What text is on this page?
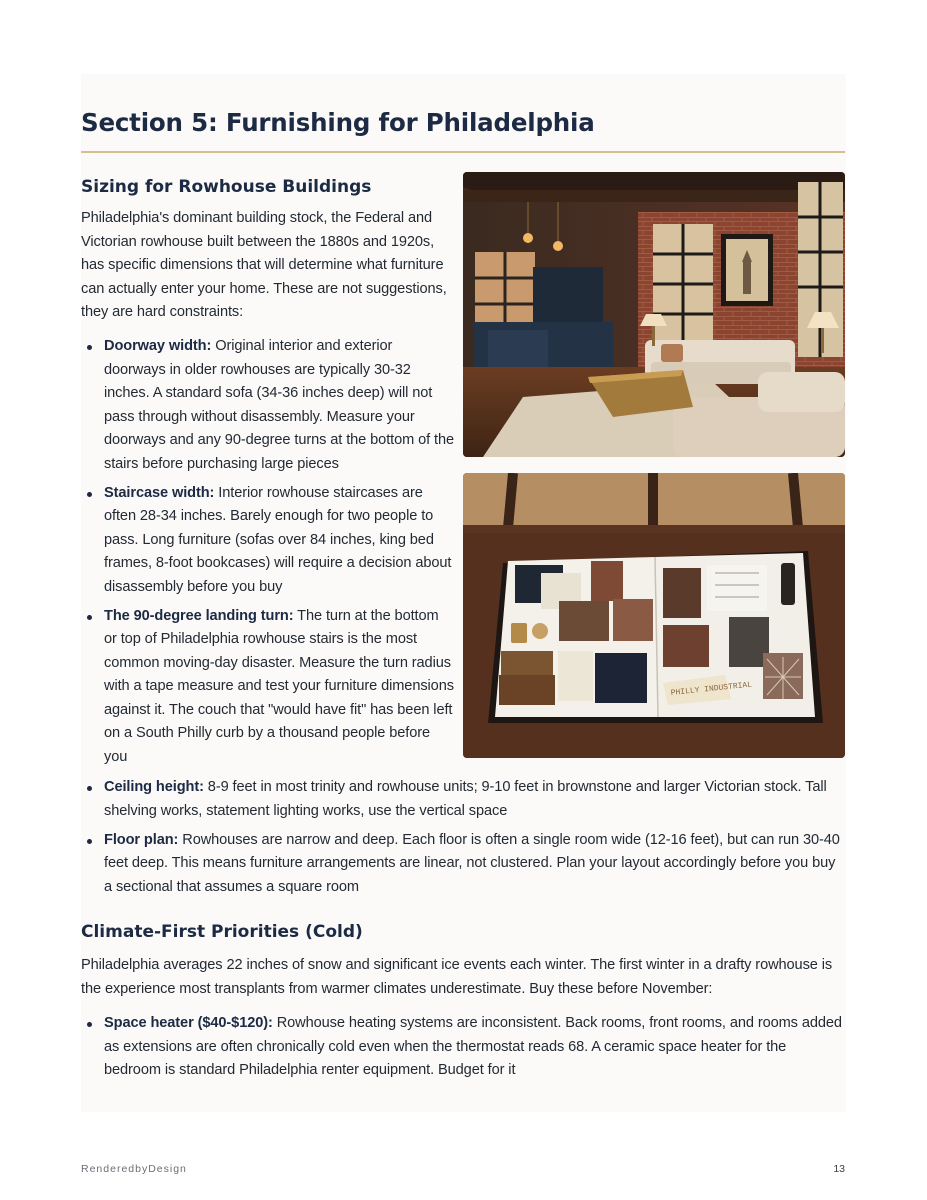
Section 5: Furnishing for Philadelphia
Sizing for Rowhouse Buildings

Philadelphia's dominant building stock, the Federal and Victorian rowhouse built between the 1880s and 1920s, has specific dimensions that will determine what furniture can actually enter your home. These are not suggestions, they are hard constraints:

Doorway width: Original interior and exterior doorways in older rowhouses are typically 30-32 inches. A standard sofa (34-36 inches deep) will not pass through without disassembly. Measure your doorways and any 90-degree turns at the bottom of the stairs before purchasing large pieces
Staircase width: Interior rowhouse staircases are often 28-34 inches. Barely enough for two people to pass. Long furniture (sofas over 84 inches, king bed frames, 8-foot bookcases) will require a decision about disassembly before you buy
The 90-degree landing turn: The turn at the bottom or top of Philadelphia rowhouse stairs is the most common moving-day disaster. Measure the turn radius with a tape measure and test your furniture dimensions against it. The couch that "would have fit" has been left on a South Philly curb by a thousand people before you
Ceiling height: 8-9 feet in most trinity and rowhouse units; 9-10 feet in brownstone and larger Victorian stock. Tall shelving works, statement lighting works, use the vertical space
Floor plan: Rowhouses are narrow and deep. Each floor is often a single room wide (12-16 feet), but can run 30-40 feet deep. This means furniture arrangements are linear, not clustered. Plan your layout accordingly before you buy a sectional that assumes a square room
Climate-First Priorities (Cold)

Philadelphia averages 22 inches of snow and significant ice events each winter. The first winter in a drafty rowhouse is the experience most transplants from warmer climates underestimate. Buy these before November:

Space heater ($40-$120): Rowhouse heating systems are inconsistent. Back rooms, front rooms, and rooms added as extensions are often chronically cold even when the thermostat reads 68. A ceramic space heater for the bedroom is standard Philadelphia renter equipment. Budget for it
PHILLY INDUSTRIAL
RenderedbyDesign	13
